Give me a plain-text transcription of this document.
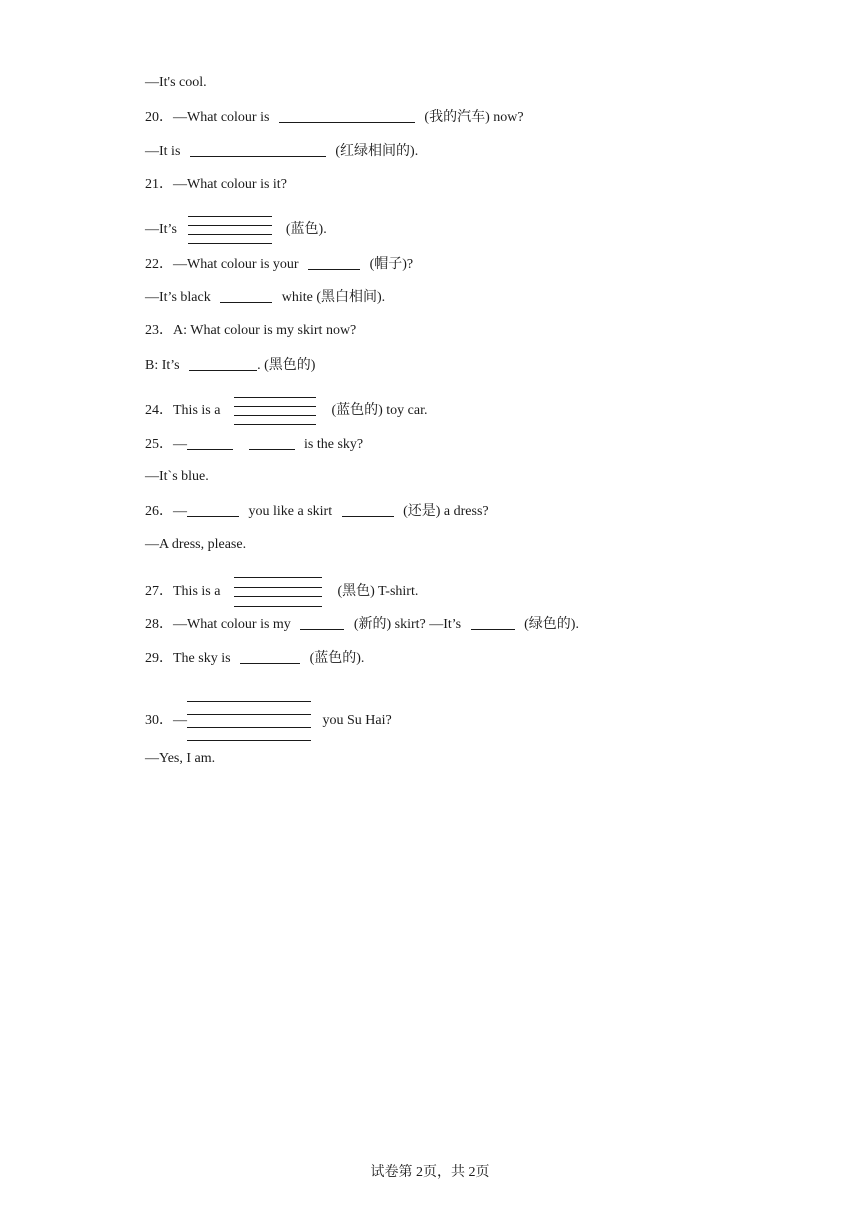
—It's cool.
20．—What colour is	(我的汽车) now?
—It is	(红绿相间的).
21．—What colour is it?
—It’s	(蓝色).
22．—What colour is your	(帽子)?
—It’s black	white (黑白相间).
23．A: What colour is my skirt now?
B: It’s	. (黑色的)
24．This is a	(蓝色的) toy car.
25．—	is the sky?
—It`s blue.
26．—	you like a skirt	(还是) a dress?
—A dress, please.
27．This is a	(黑色) T-shirt.
28．—What colour is my	(新的) skirt? —It’s	(绿色的).
29．The sky is	(蓝色的).
30．—	you Su Hai?
—Yes, I am.
试卷第 2页，共 2页
